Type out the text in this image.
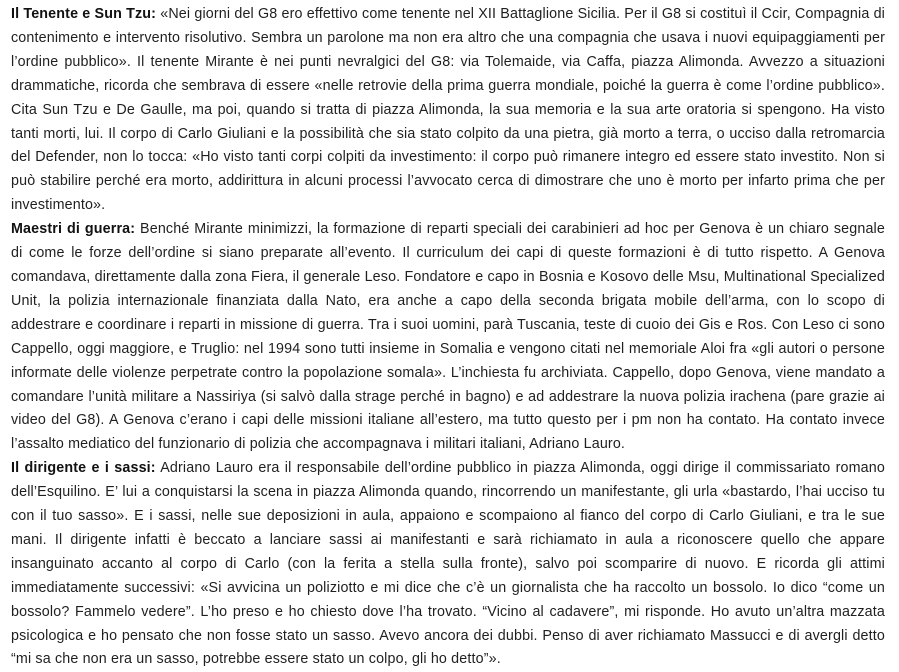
Il Tenente e Sun Tzu: «Nei giorni del G8 ero effettivo come tenente nel XII Battaglione Sicilia. Per il G8 si costituì il Ccir, Compagnia di contenimento e intervento risolutivo. Sembra un parolone ma non era altro che una compagnia che usava i nuovi equipaggiamenti per l’ordine pubblico». Il tenente Mirante è nei punti nevralgici del G8: via Tolemaide, via Caffa, piazza Alimonda. Avvezzo a situazioni drammatiche, ricorda che sembrava di essere «nelle retrovie della prima guerra mondiale, poiché la guerra è come l’ordine pubblico». Cita Sun Tzu e De Gaulle, ma poi, quando si tratta di piazza Alimonda, la sua memoria e la sua arte oratoria si spengono. Ha visto tanti morti, lui. Il corpo di Carlo Giuliani e la possibilità che sia stato colpito da una pietra, già morto a terra, o ucciso dalla retromarcia del Defender, non lo tocca: «Ho visto tanti corpi colpiti da investimento: il corpo può rimanere integro ed essere stato investito. Non si può stabilire perché era morto, addirittura in alcuni processi l’avvocato cerca di dimostrare che uno è morto per infarto prima che per investimento».

Maestri di guerra: Benché Mirante minimizzi, la formazione di reparti speciali dei carabinieri ad hoc per Genova è un chiaro segnale di come le forze dell’ordine si siano preparate all’evento. Il curriculum dei capi di queste formazioni è di tutto rispetto. A Genova comandava, direttamente dalla zona Fiera, il generale Leso. Fondatore e capo in Bosnia e Kosovo delle Msu, Multinational Specialized Unit, la polizia internazionale finanziata dalla Nato, era anche a capo della seconda brigata mobile dell’arma, con lo scopo di addestrare e coordinare i reparti in missione di guerra. Tra i suoi uomini, parà Tuscania, teste di cuoio dei Gis e Ros. Con Leso ci sono Cappello, oggi maggiore, e Truglio: nel 1994 sono tutti insieme in Somalia e vengono citati nel memoriale Aloi fra «gli autori o persone informate delle violenze perpetrate contro la popolazione somala». L’inchiesta fu archiviata. Cappello, dopo Genova, viene mandato a comandare l’unità militare a Nassiriya (si salvò dalla strage perché in bagno) e ad addestrare la nuova polizia irachena (pare grazie ai video del G8). A Genova c’erano i capi delle missioni italiane all’estero, ma tutto questo per i pm non ha contato. Ha contato invece l’assalto mediatico del funzionario di polizia che accompagnava i militari italiani, Adriano Lauro.

Il dirigente e i sassi: Adriano Lauro era il responsabile dell’ordine pubblico in piazza Alimonda, oggi dirige il commissariato romano dell’Esquilino. E’ lui a conquistarsi la scena in piazza Alimonda quando, rincorrendo un manifestante, gli urla «bastardo, l’hai ucciso tu con il tuo sasso». E i sassi, nelle sue deposizioni in aula, appaiono e scompaiono al fianco del corpo di Carlo Giuliani, e tra le sue mani. Il dirigente infatti è beccato a lanciare sassi ai manifestanti e sarà richiamato in aula a riconoscere quello che appare insanguinato accanto al corpo di Carlo (con la ferita a stella sulla fronte), salvo poi scomparire di nuovo. E ricorda gli attimi immediatamente successivi: «Si avvicina un poliziotto e mi dice che c’è un giornalista che ha raccolto un bossolo. Io dico “come un bossolo? Fammelo vedere”. L’ho preso e ho chiesto dove l’ha trovato. “Vicino al cadavere”, mi risponde. Ho avuto un’altra mazzata psicologica e ho pensato che non fosse stato un sasso. Avevo ancora dei dubbi. Penso di aver richiamato Massucci e di avergli detto “mi sa che non era un sasso, potrebbe essere stato un colpo, gli ho detto”».
